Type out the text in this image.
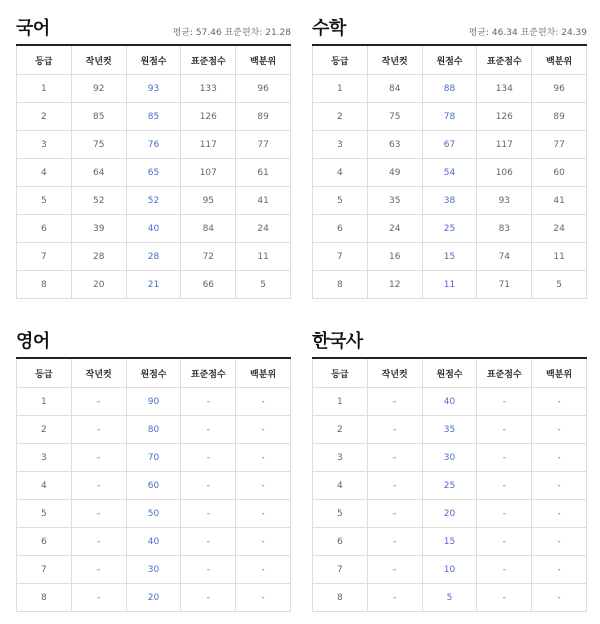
국어	평균: 57.46 표준편차: 21.28
등급	작년컷	원점수	표준점수	백분위
1	92	93	133	96
2	85	85	126	89
3	75	76	117	77
4	64	65	107	61
5	52	52	95	41
6	39	40	84	24
7	28	28	72	11
8	20	21	66	5
수학	평균: 46.34 표준편차: 24.39
등급	작년컷	원점수	표준점수	백분위
1	84	88	134	96
2	75	78	126	89
3	63	67	117	77
4	49	54	106	60
5	35	38	93	41
6	24	25	83	24
7	16	15	74	11
8	12	11	71	5
영어
등급	작년컷	원점수	표준점수	백분위
1	-	90	-	-
2	-	80	-	-
3	-	70	-	-
4	-	60	-	-
5	-	50	-	-
6	-	40	-	-
7	-	30	-	-
8	-	20	-	-
한국사
등급	작년컷	원점수	표준점수	백분위
1	-	40	-	-
2	-	35	-	-
3	-	30	-	-
4	-	25	-	-
5	-	20	-	-
6	-	15	-	-
7	-	10	-	-
8	-	5	-	-
